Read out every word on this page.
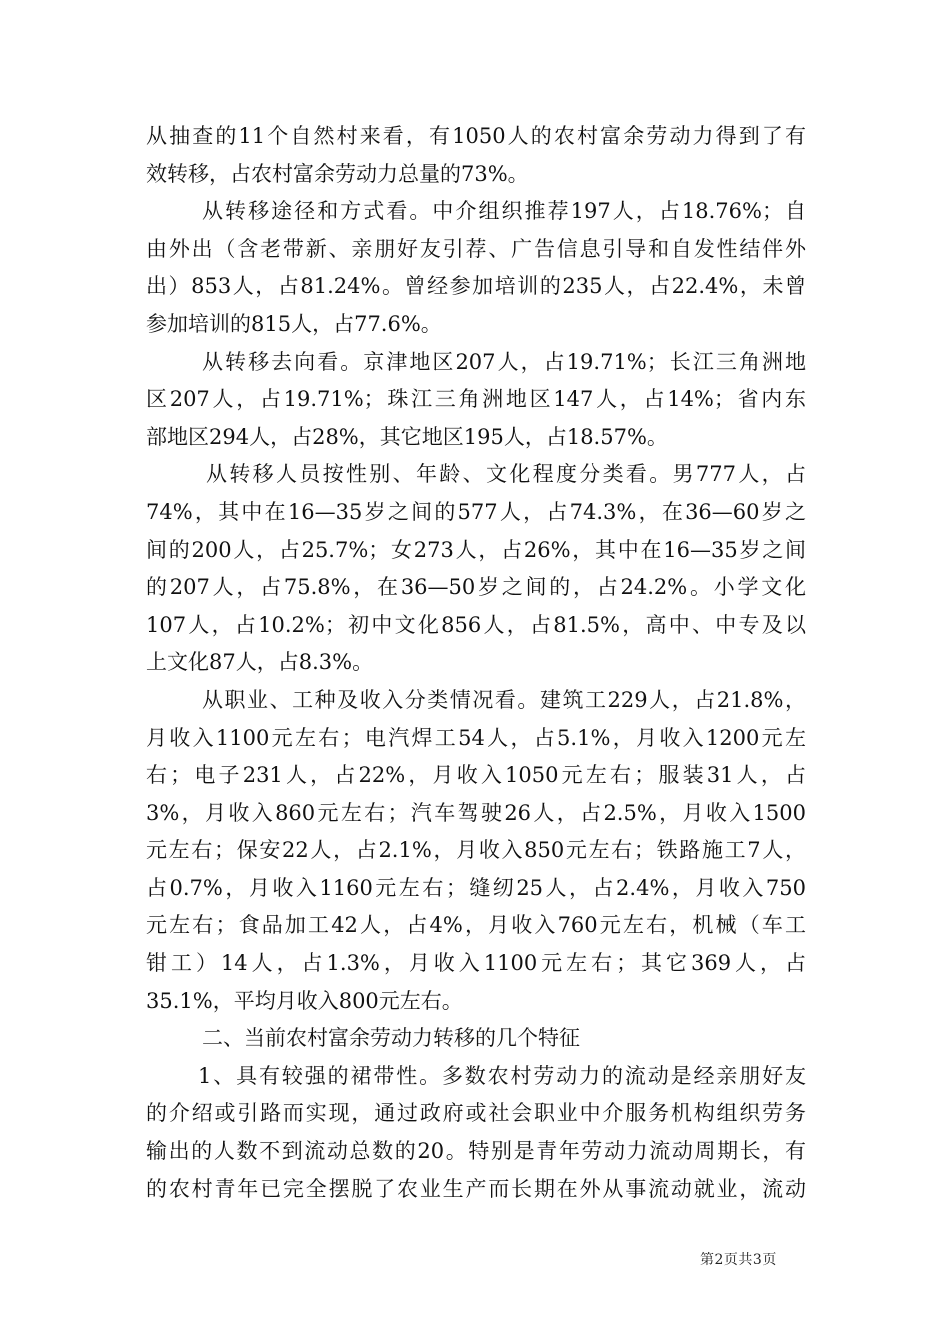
从抽查的11个自然村来看，有1050人的农村富余劳动力得到了有
效转移，占农村富余劳动力总量的73%。
从转移途径和方式看。中介组织推荐197人，占18.76%；自
由外出（含老带新、亲朋好友引荐、广告信息引导和自发性结伴外
出）853人，占81.24%。曾经参加培训的235人，占22.4%，未曾
参加培训的815人，占77.6%。
从转移去向看。京津地区207人，占19.71%；长江三角洲地
区207人，占19.71%；珠江三角洲地区147人，占14%；省内东
部地区294人，占28%，其它地区195人，占18.57%。
从转移人员按性别、年龄、文化程度分类看。男777人，占
74%，其中在16—35岁之间的577人，占74.3%，在36—60岁之
间的200人，占25.7%；女273人，占26%，其中在16—35岁之间
的207人，占75.8%，在36—50岁之间的，占24.2%。小学文化
107人，占10.2%；初中文化856人，占81.5%，高中、中专及以
上文化87人，占8.3%。
从职业、工种及收入分类情况看。建筑工229人，占21.8%，
月收入1100元左右；电汽焊工54人，占5.1%，月收入1200元左
右；电子231人，占22%，月收入1050元左右；服装31人，占
3%，月收入860元左右；汽车驾驶26人，占2.5%，月收入1500
元左右；保安22人，占2.1%，月收入850元左右；铁路施工7人，
占0.7%，月收入1160元左右；缝纫25人，占2.4%，月收入750
元左右；食品加工42人，占4%，月收入760元左右，机械（车工
钳工）14人，占1.3%，月收入1100元左右；其它369人，占
35.1%，平均月收入800元左右。
二、当前农村富余劳动力转移的几个特征
1、具有较强的裙带性。多数农村劳动力的流动是经亲朋好友
的介绍或引路而实现，通过政府或社会职业中介服务机构组织劳务
输出的人数不到流动总数的20。特别是青年劳动力流动周期长，有
的农村青年已完全摆脱了农业生产而长期在外从事流动就业，流动
第2页共3页
